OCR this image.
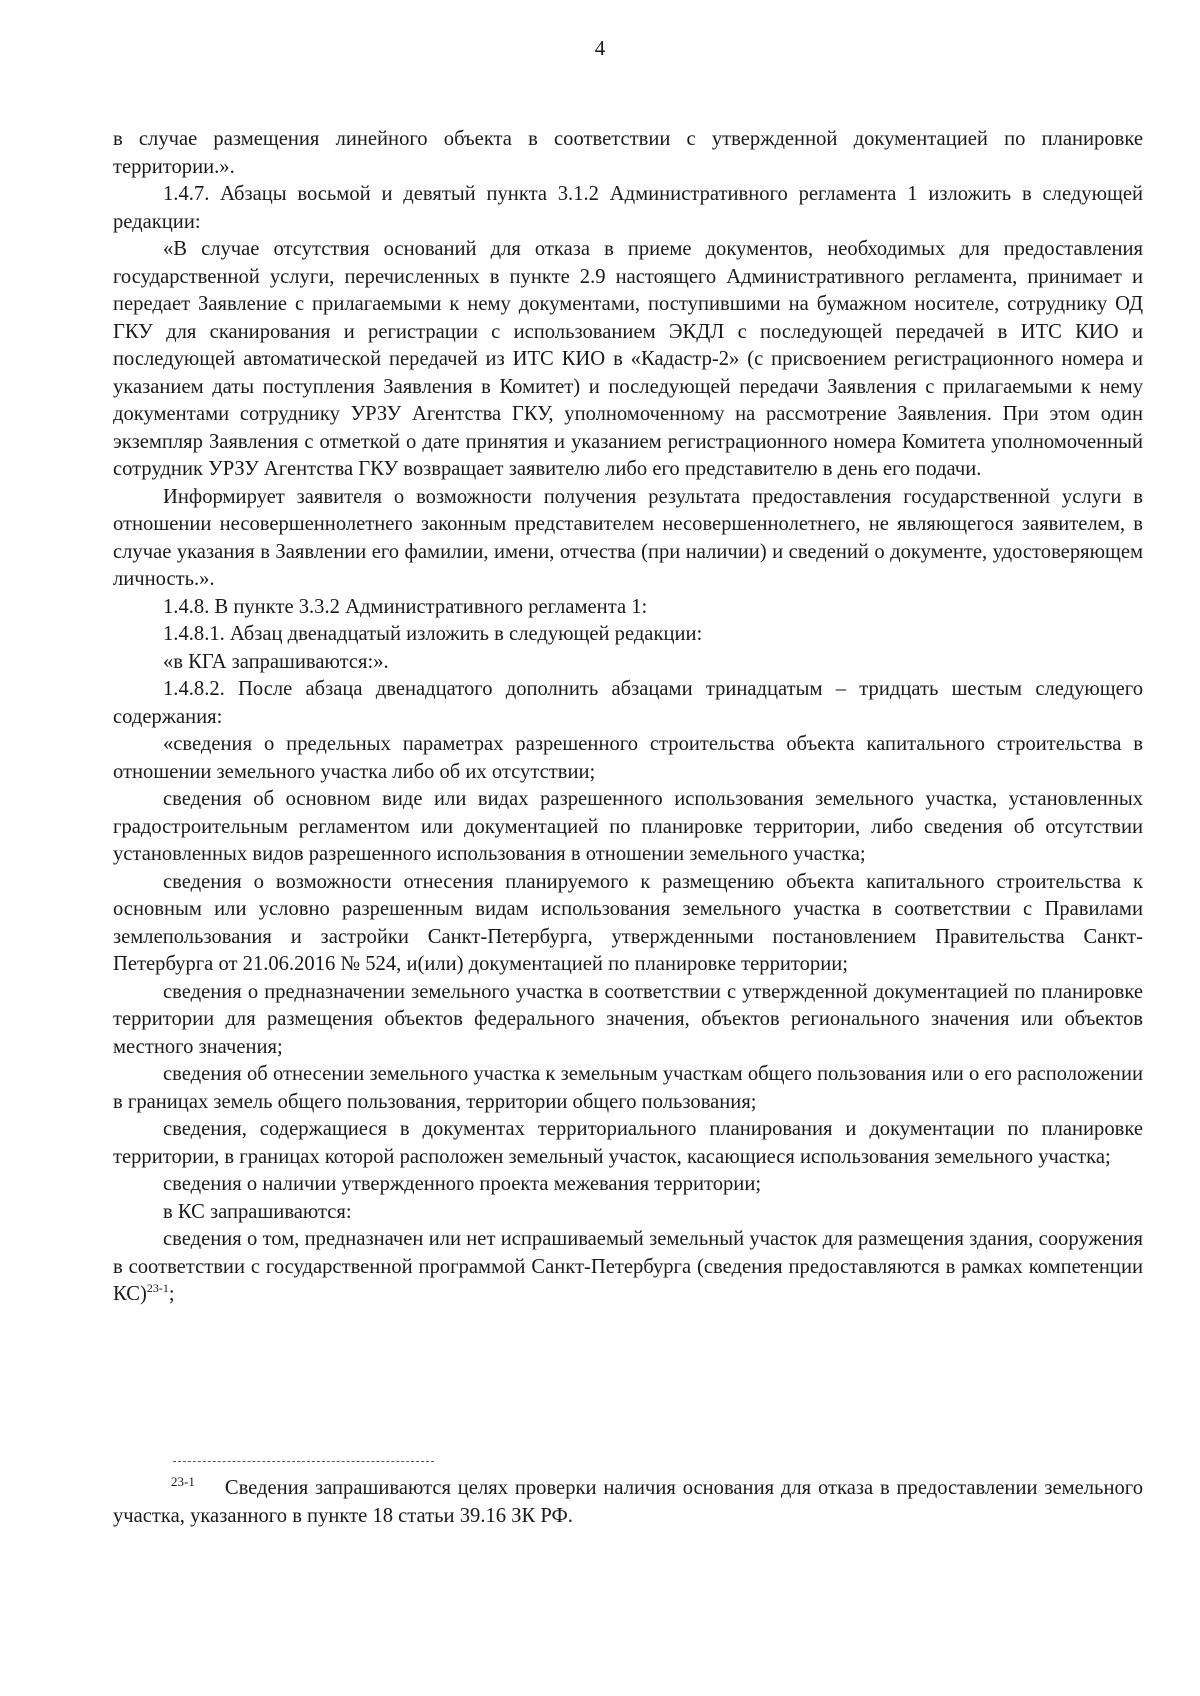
4

в случае размещения линейного объекта в соответствии с утвержденной документацией по планировке территории.».

1.4.7. Абзацы восьмой и девятый пункта 3.1.2 Административного регламента 1 изложить в следующей редакции:

«В случае отсутствия оснований для отказа в приеме документов, необходимых для предоставления государственной услуги, перечисленных в пункте 2.9 настоящего Административного регламента, принимает и передает Заявление с прилагаемыми к нему документами, поступившими на бумажном носителе, сотруднику ОД ГКУ для сканирования и регистрации с использованием ЭКДЛ с последующей передачей в ИТС КИО и последующей автоматической передачей из ИТС КИО в «Кадастр-2» (с присвоением регистрационного номера и указанием даты поступления Заявления в Комитет) и последующей передачи Заявления с прилагаемыми к нему документами сотруднику УРЗУ Агентства ГКУ, уполномоченному на рассмотрение Заявления. При этом один экземпляр Заявления с отметкой о дате принятия и указанием регистрационного номера Комитета уполномоченный сотрудник УРЗУ Агентства ГКУ возвращает заявителю либо его представителю в день его подачи.

Информирует заявителя о возможности получения результата предоставления государственной услуги в отношении несовершеннолетнего законным представителем несовершеннолетнего, не являющегося заявителем, в случае указания в Заявлении его фамилии, имени, отчества (при наличии) и сведений о документе, удостоверяющем личность.».

1.4.8. В пункте 3.3.2 Административного регламента 1:

1.4.8.1. Абзац двенадцатый изложить в следующей редакции:

«в КГА запрашиваются:».

1.4.8.2. После абзаца двенадцатого дополнить абзацами тринадцатым – тридцать шестым следующего содержания:

«сведения о предельных параметрах разрешенного строительства объекта капитального строительства в отношении земельного участка либо об их отсутствии;

сведения об основном виде или видах разрешенного использования земельного участка, установленных градостроительным регламентом или документацией по планировке территории, либо сведения об отсутствии установленных видов разрешенного использования в отношении земельного участка;

сведения о возможности отнесения планируемого к размещению объекта капитального строительства к основным или условно разрешенным видам использования земельного участка в соответствии с Правилами землепользования и застройки Санкт-Петербурга, утвержденными постановлением Правительства Санкт-Петербурга от 21.06.2016 № 524, и(или) документацией по планировке территории;

сведения о предназначении земельного участка в соответствии с утвержденной документацией по планировке территории для размещения объектов федерального значения, объектов регионального значения или объектов местного значения;

сведения об отнесении земельного участка к земельным участкам общего пользования или о его расположении в границах земель общего пользования, территории общего пользования;

сведения, содержащиеся в документах территориального планирования и документации по планировке территории, в границах которой расположен земельный участок, касающиеся использования земельного участка;

сведения о наличии утвержденного проекта межевания территории;

в КС запрашиваются:

сведения о том, предназначен или нет испрашиваемый земельный участок для размещения здания, сооружения в соответствии с государственной программой Санкт-Петербурга (сведения предоставляются в рамках компетенции КС)$^{23-1}$;

$^{23-1}$ Сведения запрашиваются целях проверки наличия основания для отказа в предоставлении земельного участка, указанного в пункте 18 статьи 39.16 ЗК РФ.
